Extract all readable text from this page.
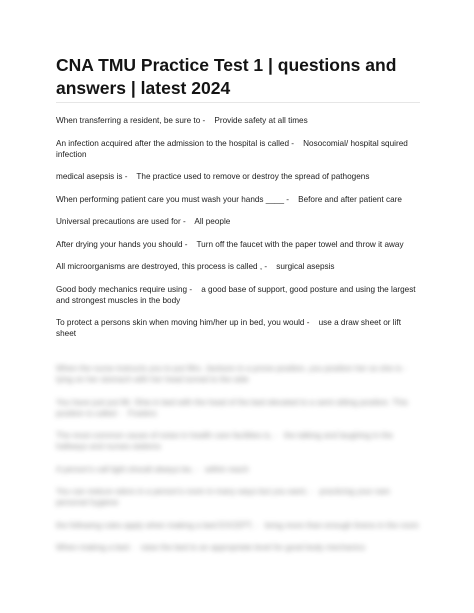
CNA TMU Practice Test 1 | questions and answers | latest 2024

When transferring a resident, be sure to - Provide safety at all times

An infection acquired after the admission to the hospital is called - Nosocomial/ hospital squired infection

medical asepsis is - The practice used to remove or destroy the spread of pathogens

When performing patient care you must wash your hands ____ - Before and after patient care

Universal precautions are used for - All people

After drying your hands you should - Turn off the faucet with the paper towel and throw it away

All microorganisms are destroyed, this process is called , - surgical asepsis

Good body mechanics require using - a good base of support, good posture and using the largest and strongest muscles in the body

To protect a persons skin when moving him/her up in bed, you would - use a draw sheet or lift sheet

When the nurse instructs you to put Mrs. Jackson in a prone position, you position her so she is -   lying on her stomach with her head turned to the side

You have just put Mr. Shia in bed with the head of the bed elevated to a semi sitting position. This position is called - Fowlers

The most common cause of noise in health care facilities is, - the talking and laughing in the hallways and nurses stations

A person's call light should always be, - within reach

You can reduce odors in a person's room in many ways but you want, - practicing your own personal hygiene

the following rules apply when making a bed EXCEPT, - bring more than enough linens in the room

When making a bed - raise the bed to an appropriate level for good body mechanics
